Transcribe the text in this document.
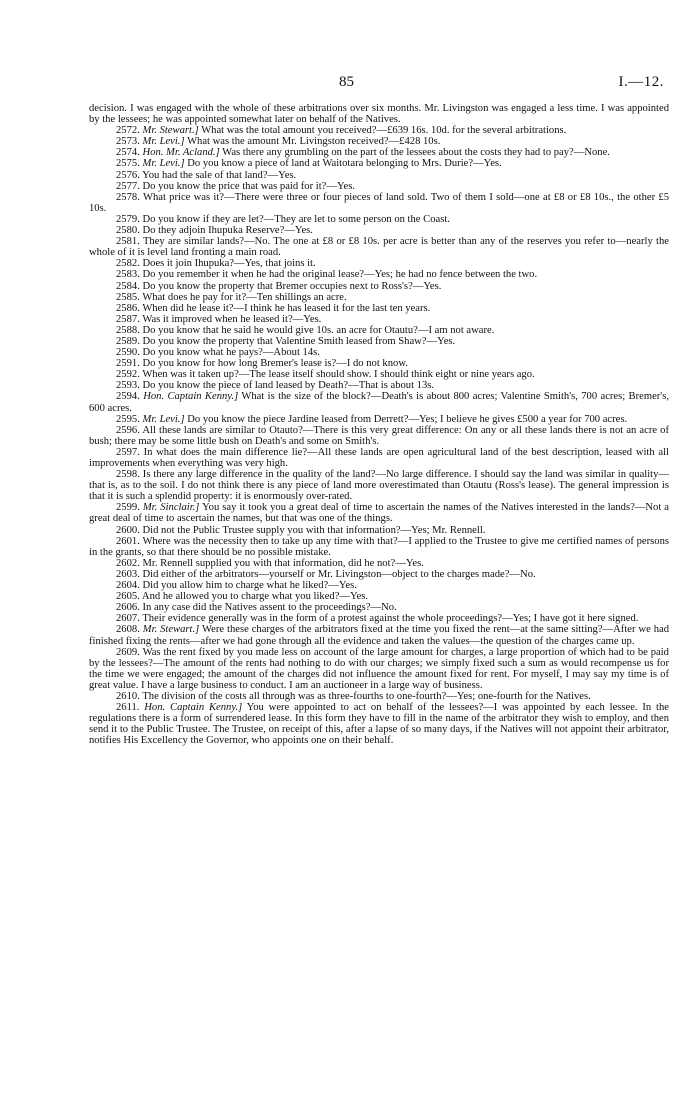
85	I.—12.

decision. I was engaged with the whole of these arbitrations over six months. Mr. Livingston was engaged a less time. I was appointed by the lessees; he was appointed somewhat later on behalf of the Natives.

2572. Mr. Stewart.] What was the total amount you received?—£639 16s. 10d. for the several arbitrations.

2573. Mr. Levi.] What was the amount Mr. Livingston received?—£428 10s.

2574. Hon. Mr. Acland.] Was there any grumbling on the part of the lessees about the costs they had to pay?—None.

2575. Mr. Levi.] Do you know a piece of land at Waitotara belonging to Mrs. Durie?—Yes.

2576. You had the sale of that land?—Yes.

2577. Do you know the price that was paid for it?—Yes.

2578. What price was it?—There were three or four pieces of land sold. Two of them I sold—one at £8 or £8 10s., the other £5 10s.

2579. Do you know if they are let?—They are let to some person on the Coast.

2580. Do they adjoin Ihupuka Reserve?—Yes.

2581. They are similar lands?—No. The one at £8 or £8 10s. per acre is better than any of the reserves you refer to—nearly the whole of it is level land fronting a main road.

2582. Does it join Ihupuka?—Yes, that joins it.

2583. Do you remember it when he had the original lease?—Yes; he had no fence between the two.

2584. Do you know the property that Bremer occupies next to Ross's?—Yes.

2585. What does he pay for it?—Ten shillings an acre.

2586. When did he lease it?—I think he has leased it for the last ten years.

2587. Was it improved when he leased it?—Yes.

2588. Do you know that he said he would give 10s. an acre for Otautu?—I am not aware.

2589. Do you know the property that Valentine Smith leased from Shaw?—Yes.

2590. Do you know what he pays?—About 14s.

2591. Do you know for how long Bremer's lease is?—I do not know.

2592. When was it taken up?—The lease itself should show. I should think eight or nine years ago.

2593. Do you know the piece of land leased by Death?—That is about 13s.

2594. Hon. Captain Kenny.] What is the size of the block?—Death's is about 800 acres; Valentine Smith's, 700 acres; Bremer's, 600 acres.

2595. Mr. Levi.] Do you know the piece Jardine leased from Derrett?—Yes; I believe he gives £500 a year for 700 acres.

2596. All these lands are similar to Otauto?—There is this very great difference: On any or all these lands there is not an acre of bush; there may be some little bush on Death's and some on Smith's.

2597. In what does the main difference lie?—All these lands are open agricultural land of the best description, leased with all improvements when everything was very high.

2598. Is there any large difference in the quality of the land?—No large difference. I should say the land was similar in quality—that is, as to the soil. I do not think there is any piece of land more overestimated than Otautu (Ross's lease). The general impression is that it is such a splendid property: it is enormously over-rated.

2599. Mr. Sinclair.] You say it took you a great deal of time to ascertain the names of the Natives interested in the lands?—Not a great deal of time to ascertain the names, but that was one of the things.

2600. Did not the Public Trustee supply you with that information?—Yes; Mr. Rennell.

2601. Where was the necessity then to take up any time with that?—I applied to the Trustee to give me certified names of persons in the grants, so that there should be no possible mistake.

2602. Mr. Rennell supplied you with that information, did he not?—Yes.

2603. Did either of the arbitrators—yourself or Mr. Livingston—object to the charges made?—No.

2604. Did you allow him to charge what he liked?—Yes.

2605. And he allowed you to charge what you liked?—Yes.

2606. In any case did the Natives assent to the proceedings?—No.

2607. Their evidence generally was in the form of a protest against the whole proceedings?—Yes; I have got it here signed.

2608. Mr. Stewart.] Were these charges of the arbitrators fixed at the time you fixed the rent—at the same sitting?—After we had finished fixing the rents—after we had gone through all the evidence and taken the values—the question of the charges came up.

2609. Was the rent fixed by you made less on account of the large amount for charges, a large proportion of which had to be paid by the lessees?—The amount of the rents had nothing to do with our charges; we simply fixed such a sum as would recompense us for the time we were engaged; the amount of the charges did not influence the amount fixed for rent. For myself, I may say my time is of great value. I have a large business to conduct. I am an auctioneer in a large way of business.

2610. The division of the costs all through was as three-fourths to one-fourth?—Yes; one-fourth for the Natives.

2611. Hon. Captain Kenny.] You were appointed to act on behalf of the lessees?—I was appointed by each lessee. In the regulations there is a form of surrendered lease. In this form they have to fill in the name of the arbitrator they wish to employ, and then send it to the Public Trustee. The Trustee, on receipt of this, after a lapse of so many days, if the Natives will not appoint their arbitrator, notifies His Excellency the Governor, who appoints one on their behalf.
